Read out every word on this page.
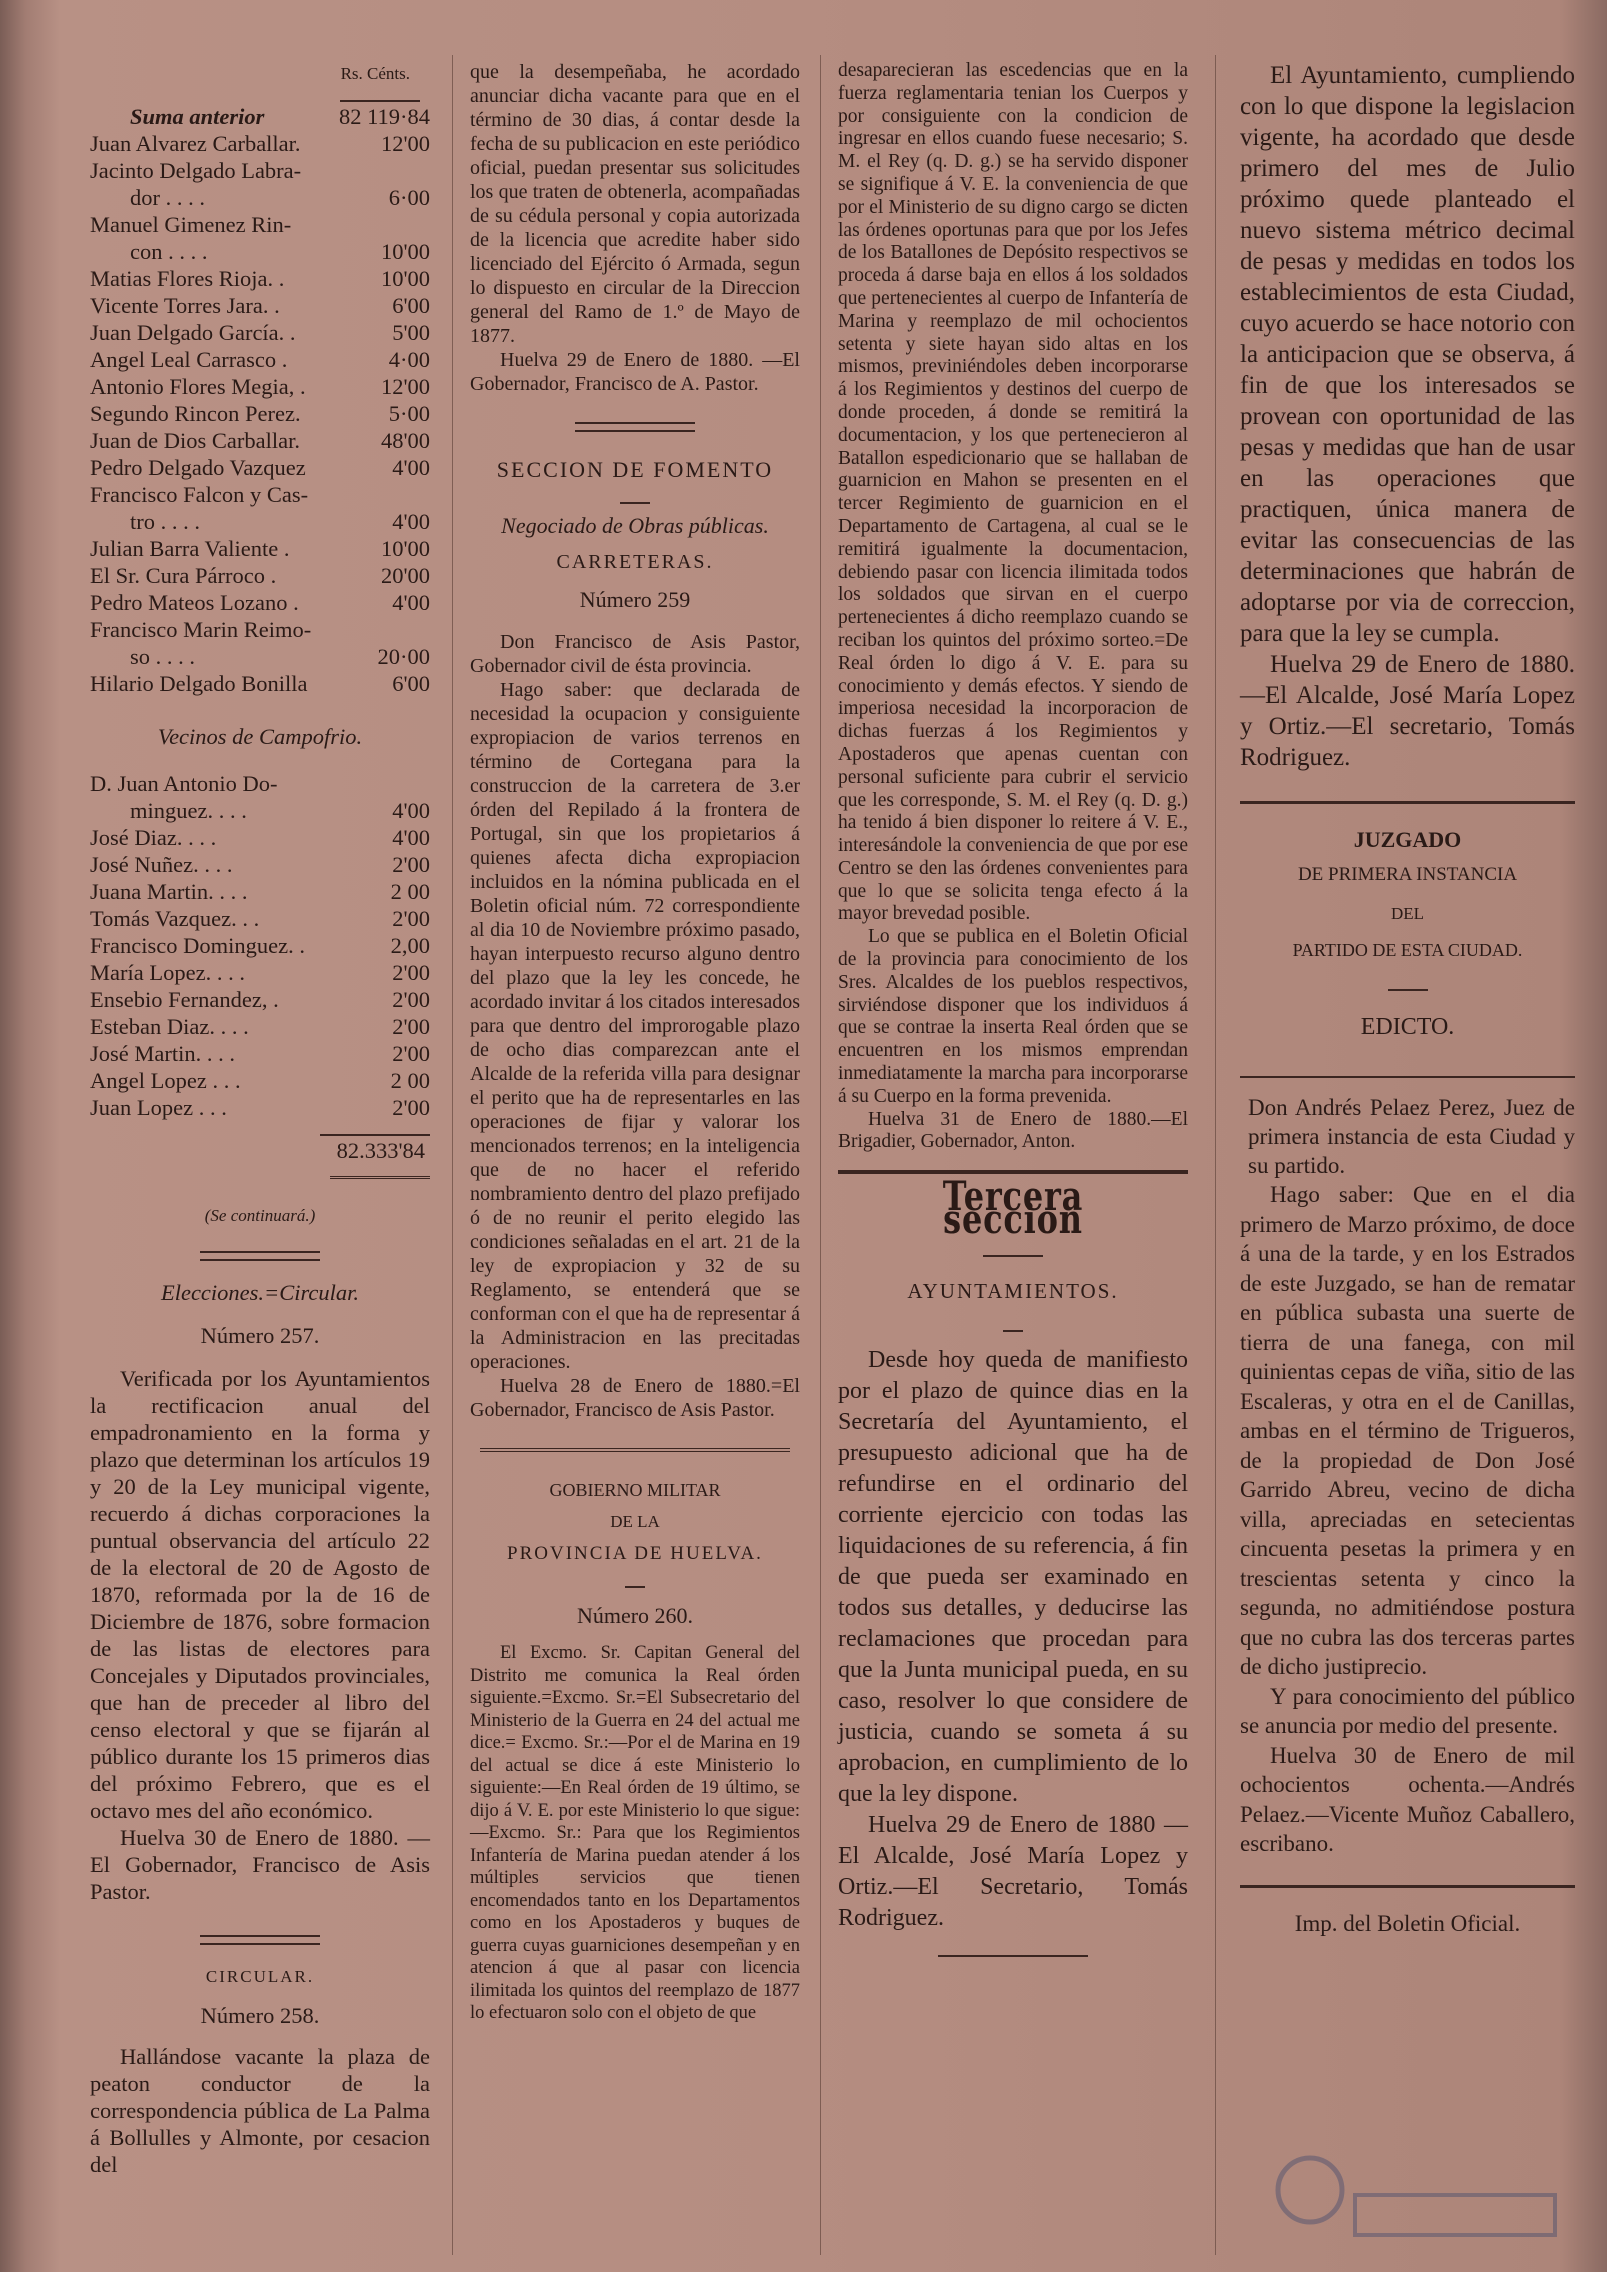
Rs. Cénts.
Suma anterior	82 119·84
Juan Alvarez Carballar.	12'00
Jacinto Delgado Labra-
dor . . . .	6·00
Manuel Gimenez Rin-
con . . . .	10'00
Matias Flores Rioja. .	10'00
Vicente Torres Jara. .	6'00
Juan Delgado García. .	5'00
Angel Leal Carrasco .	4·00
Antonio Flores Megia, .	12'00
Segundo Rincon Perez.	5·00
Juan de Dios Carballar.	48'00
Pedro Delgado Vazquez	4'00
Francisco Falcon y Cas-
tro . . . .	4'00
Julian Barra Valiente .	10'00
El Sr. Cura Párroco .	20'00
Pedro Mateos Lozano .	4'00
Francisco Marin Reimo-
so . . . .	20·00
Hilario Delgado Bonilla	6'00
Vecinos de Campofrio.
D. Juan Antonio Do-
minguez. . . .	4'00
José Diaz. . . .	4'00
José Nuñez. . . .	2'00
Juana Martin. . . .	2 00
Tomás Vazquez. . .	2'00
Francisco Dominguez. .	2,00
María Lopez. . . .	2'00
Ensebio Fernandez, .	2'00
Esteban Diaz. . . .	2'00
José Martin. . . .	2'00
Angel Lopez . . .	2 00
Juan Lopez . . .	2'00
82.333'84
(Se continuará.)
Elecciones.=Circular.
Número 257.

Verificada por los Ayuntamientos la rectificacion anual del empadronamiento en la forma y plazo que determinan los artículos 19 y 20 de la Ley municipal vigente, recuerdo á dichas corporaciones la puntual observancia del artículo 22 de la electoral de 20 de Agosto de 1870, reformada por la de 16 de Diciembre de 1876, sobre formacion de las listas de electores para Concejales y Diputados provinciales, que han de preceder al libro del censo electoral y que se fijarán al público durante los 15 primeros dias del próximo Febrero, que es el octavo mes del año económico.

Huelva 30 de Enero de 1880. —El Gobernador, Francisco de Asis Pastor.

CIRCULAR.
Número 258.

Hallándose vacante la plaza de peaton conductor de la correspondencia pública de La Palma á Bollulles y Almonte, por cesacion del

que la desempeñaba, he acordado anunciar dicha vacante para que en el término de 30 dias, á contar desde la fecha de su publicacion en este periódico oficial, puedan presentar sus solicitudes los que traten de obtenerla, acompañadas de su cédula personal y copia autorizada de la licencia que acredite haber sido licenciado del Ejército ó Armada, segun lo dispuesto en circular de la Direccion general del Ramo de 1.º de Mayo de 1877.

Huelva 29 de Enero de 1880. —El Gobernador, Francisco de A. Pastor.

SECCION DE FOMENTO
Negociado de Obras públicas.
CARRETERAS.
Número 259

Don Francisco de Asis Pastor, Gobernador civil de ésta provincia.

Hago saber: que declarada de necesidad la ocupacion y consiguiente expropiacion de varios terrenos en término de Cortegana para la construccion de la carretera de 3.er órden del Repilado á la frontera de Portugal, sin que los propietarios á quienes afecta dicha expropiacion incluidos en la nómina publicada en el Boletin oficial núm. 72 correspondiente al dia 10 de Noviembre próximo pasado, hayan interpuesto recurso alguno dentro del plazo que la ley les concede, he acordado invitar á los citados interesados para que dentro del improrogable plazo de ocho dias comparezcan ante el Alcalde de la referida villa para designar el perito que ha de representarles en las operaciones de fijar y valorar los mencionados terrenos; en la inteligencia que de no hacer el referido nombramiento dentro del plazo prefijado ó de no reunir el perito elegido las condiciones señaladas en el art. 21 de la ley de expropiacion y 32 de su Reglamento, se entenderá que se conforman con el que ha de representar á la Administracion en las precitadas operaciones.

Huelva 28 de Enero de 1880.=El Gobernador, Francisco de Asis Pastor.

GOBIERNO MILITAR
DE LA
PROVINCIA DE HUELVA.
Número 260.

El Excmo. Sr. Capitan General del Distrito me comunica la Real órden siguiente.=Excmo. Sr.=El Subsecretario del Ministerio de la Guerra en 24 del actual me dice.= Excmo. Sr.:—Por el de Marina en 19 del actual se dice á este Ministerio lo siguiente:—En Real órden de 19 último, se dijo á V. E. por este Ministerio lo que sigue:—Excmo. Sr.: Para que los Regimientos Infantería de Marina puedan atender á los múltiples servicios que tienen encomendados tanto en los Departamentos como en los Apostaderos y buques de guerra cuyas guarniciones desempeñan y en atencion á que al pasar con licencia ilimitada los quintos del reemplazo de 1877 lo efectuaron solo con el objeto de que

desaparecieran las escedencias que en la fuerza reglamentaria tenian los Cuerpos y por consiguiente con la condicion de ingresar en ellos cuando fuese necesario; S. M. el Rey (q. D. g.) se ha servido disponer se signifique á V. E. la conveniencia de que por el Ministerio de su digno cargo se dicten las órdenes oportunas para que por los Jefes de los Batallones de Depósito respectivos se proceda á darse baja en ellos á los soldados que pertenecientes al cuerpo de Infantería de Marina y reemplazo de mil ochocientos setenta y siete hayan sido altas en los mismos, previniéndoles deben incorporarse á los Regimientos y destinos del cuerpo de donde proceden, á donde se remitirá la documentacion, y los que pertenecieron al Batallon espedicionario que se hallaban de guarnicion en Mahon se presenten en el tercer Regimiento de guarnicion en el Departamento de Cartagena, al cual se le remitirá igualmente la documentacion, debiendo pasar con licencia ilimitada todos los soldados que sirvan en el cuerpo pertenecientes á dicho reemplazo cuando se reciban los quintos del próximo sorteo.=De Real órden lo digo á V. E. para su conocimiento y demás efectos. Y siendo de imperiosa necesidad la incorporacion de dichas fuerzas á los Regimientos y Apostaderos que apenas cuentan con personal suficiente para cubrir el servicio que les corresponde, S. M. el Rey (q. D. g.) ha tenido á bien disponer lo reitere á V. E., interesándole la conveniencia de que por ese Centro se den las órdenes convenientes para que lo que se solicita tenga efecto á la mayor brevedad posible.

Lo que se publica en el Boletin Oficial de la provincia para conocimiento de los Sres. Alcaldes de los pueblos respectivos, sirviéndose disponer que los individuos á que se contrae la inserta Real órden que se encuentren en los mismos emprendan inmediatamente la marcha para incorporarse á su Cuerpo en la forma prevenida.

Huelva 31 de Enero de 1880.—El Brigadier, Gobernador, Anton.

Tercera seccion
AYUNTAMIENTOS.

Desde hoy queda de manifiesto por el plazo de quince dias en la Secretaría del Ayuntamiento, el presupuesto adicional que ha de refundirse en el ordinario del corriente ejercicio con todas las liquidaciones de su referencia, á fin de que pueda ser examinado en todos sus detalles, y deducirse las reclamaciones que procedan para que la Junta municipal pueda, en su caso, resolver lo que considere de justicia, cuando se someta á su aprobacion, en cumplimiento de lo que la ley dispone.

Huelva 29 de Enero de 1880 —El Alcalde, José María Lopez y Ortiz.—El Secretario, Tomás Rodriguez.

El Ayuntamiento, cumpliendo con lo que dispone la legislacion vigente, ha acordado que desde primero del mes de Julio próximo quede planteado el nuevo sistema métrico decimal de pesas y medidas en todos los establecimientos de esta Ciudad, cuyo acuerdo se hace notorio con la anticipacion que se observa, á fin de que los interesados se provean con oportunidad de las pesas y medidas que han de usar en las operaciones que practiquen, única manera de evitar las consecuencias de las determinaciones que habrán de adoptarse por via de correccion, para que la ley se cumpla.

Huelva 29 de Enero de 1880.—El Alcalde, José María Lopez y Ortiz.—El secretario, Tomás Rodriguez.

JUZGADO
DE PRIMERA INSTANCIA
DEL
PARTIDO DE ESTA CIUDAD.
EDICTO.

Don Andrés Pelaez Perez, Juez de primera instancia de esta Ciudad y su partido.

Hago saber: Que en el dia primero de Marzo próximo, de doce á una de la tarde, y en los Estrados de este Juzgado, se han de rematar en pública subasta una suerte de tierra de una fanega, con mil quinientas cepas de viña, sitio de las Escaleras, y otra en el de Canillas, ambas en el término de Trigueros, de la propiedad de Don José Garrido Abreu, vecino de dicha villa, apreciadas en setecientas cincuenta pesetas la primera y en trescientas setenta y cinco la segunda, no admitiéndose postura que no cubra las dos terceras partes de dicho justiprecio.

Y para conocimiento del público se anuncia por medio del presente.

Huelva 30 de Enero de mil ochocientos ochenta.—Andrés Pelaez.—Vicente Muñoz Caballero, escribano.

Imp. del Boletin Oficial.
